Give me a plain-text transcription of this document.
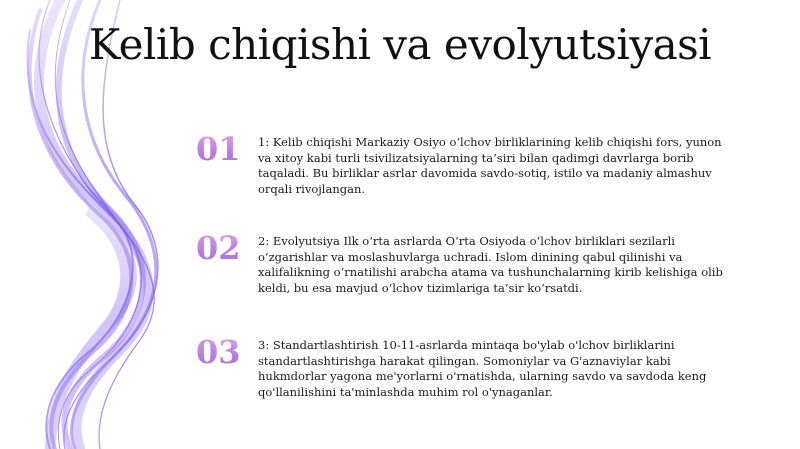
Kelib chiqishi va evolyutsiyasi
01	1: Kelib chiqishi Markaziy Osiyo o‘lchov birliklarining kelib chiqishi fors, yunon va xitoy kabi turli tsivilizatsiyalarning ta’siri bilan qadimgi davrlarga borib taqaladi. Bu birliklar asrlar davomida savdo-sotiq, istilo va madaniy almashuv orqali rivojlangan.
02	2: Evolyutsiya Ilk o‘rta asrlarda O‘rta Osiyoda o‘lchov birliklari sezilarli o‘zgarishlar va moslashuvlarga uchradi. Islom dinining qabul qilinishi va xalifalikning o‘rnatilishi arabcha atama va tushunchalarning kirib kelishiga olib keldi, bu esa mavjud o‘lchov tizimlariga ta’sir ko‘rsatdi.
03	3: Standartlashtirish 10-11-asrlarda mintaqa bo'ylab o'lchov birliklarini standartlashtirishga harakat qilingan. Somoniylar va G'aznaviylar kabi hukmdorlar yagona me'yorlarni o'rnatishda, ularning savdo va savdoda keng qo'llanilishini ta'minlashda muhim rol o'ynaganlar.
